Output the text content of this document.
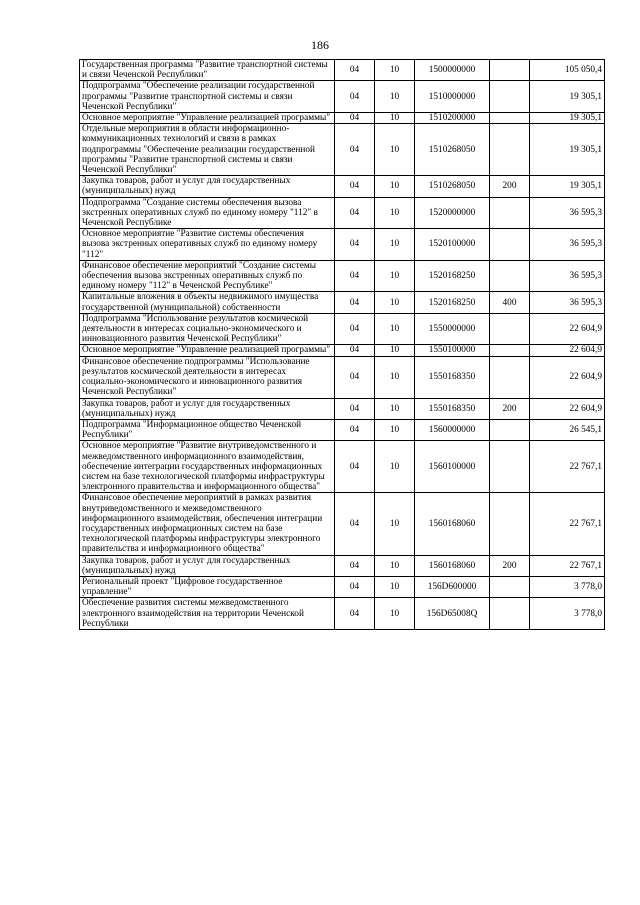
186
Государственная программа "Развитие транспортной системы и связи Чеченской Республики"	04	10	1500000000		105 050,4
Подпрограмма "Обеспечение реализации государственной программы "Развитие транспортной системы и связи Чеченской Республики"	04	10	1510000000		19 305,1
Основное мероприятие "Управление реализацией программы"	04	10	1510200000		19 305,1
Отдельные мероприятия в области информационно-коммуникационных технологий и связи в рамках подпрограммы "Обеспечение реализации государственной программы "Развитие транспортной системы и связи Чеченской Республики"	04	10	1510268050		19 305,1
Закупка товаров, работ и услуг для государственных (муниципальных) нужд	04	10	1510268050	200	19 305,1
Подпрограмма "Создание системы обеспечения вызова экстренных оперативных служб по единому номеру "112" в Чеченской Республике	04	10	1520000000		36 595,3
Основное мероприятие "Развитие системы обеспечения вызова экстренных оперативных служб по единому номеру "112"	04	10	1520100000		36 595,3
Финансовое обеспечение мероприятий "Создание системы обеспечения вызова экстренных оперативных служб по единому номеру "112" в Чеченской Республике"	04	10	1520168250		36 595,3
Капитальные вложения в объекты недвижимого имущества государственной (муниципальной) собственности	04	10	1520168250	400	36 595,3
Подпрограмма "Использование результатов космической деятельности в интересах социально-экономического и инновационного развития Чеченской Республики"	04	10	1550000000		22 604,9
Основное мероприятие "Управление реализацией программы"	04	10	1550100000		22 604,9
Финансовое обеспечение подпрограммы "Использование результатов космической деятельности в интересах социально-экономического и инновационного развития Чеченской Республики"	04	10	1550168350		22 604,9
Закупка товаров, работ и услуг для государственных (муниципальных) нужд	04	10	1550168350	200	22 604,9
Подпрограмма "Информационное общество Чеченской Республики"	04	10	1560000000		26 545,1
Основное мероприятие "Развитие внутриведомственного и межведомственного информационного взаимодействия, обеспечение интеграции государственных информационных систем на базе технологической платформы инфраструктуры электронного правительства и информационного общества"	04	10	1560100000		22 767,1
Финансовое обеспечение мероприятий в рамках развития внутриведомственного и межведомственного информационного взаимодействия, обеспечения интеграции государственных информационных систем на базе технологической платформы инфраструктуры электронного правительства и информационного общества"	04	10	1560168060		22 767,1
Закупка товаров, работ и услуг для государственных (муниципальных) нужд	04	10	1560168060	200	22 767,1
Региональный проект "Цифровое государственное управление"	04	10	156D600000		3 778,0
Обеспечение развития системы межведомственного электронного взаимодействия на территории Чеченской Республики	04	10	156D65008Q		3 778,0
